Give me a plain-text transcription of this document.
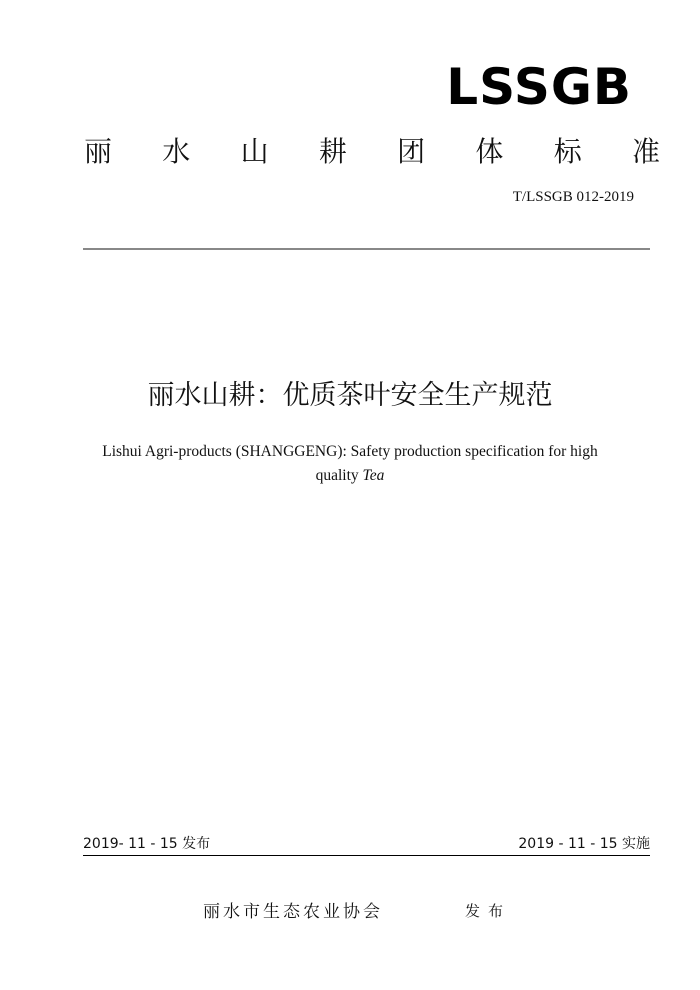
LSSGB
丽 水 山 耕 团 体 标 准
T/LSSGB 012-2019
丽水山耕：优质茶叶安全生产规范
Lishui Agri-products (SHANGGENG): Safety production specification for high
quality Tea
2019- 11 - 15 发布	2019 - 11 - 15 实施
丽水市生态农业协会	发布
